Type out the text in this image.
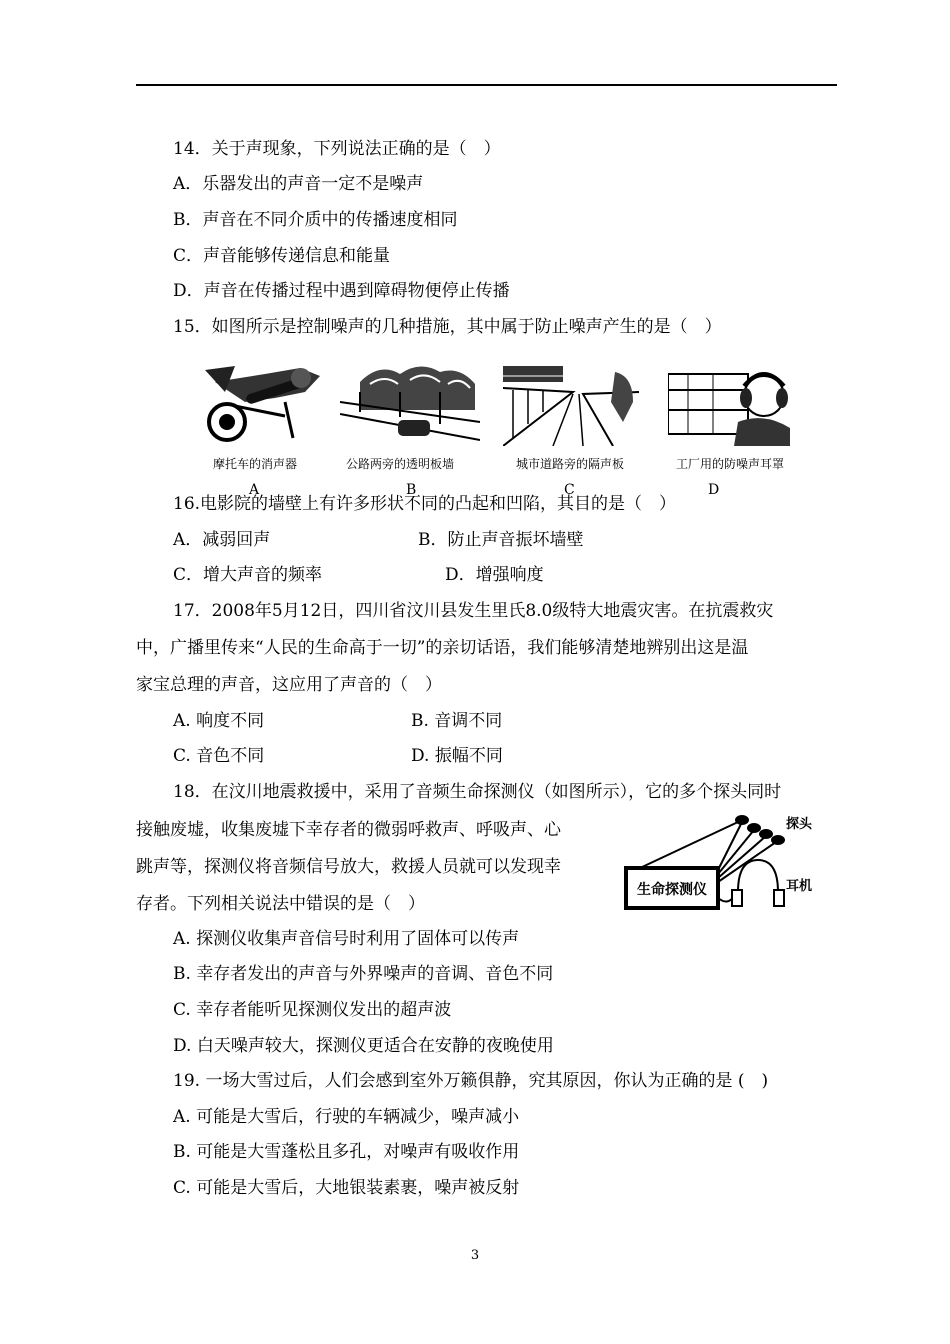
14．关于声现象，下列说法正确的是（　）
A．乐器发出的声音一定不是噪声
B．声音在不同介质中的传播速度相同
C．声音能够传递信息和能量
D．声音在传播过程中遇到障碍物便停止传播
15．如图所示是控制噪声的几种措施，其中属于防止噪声产生的是（　）
摩托车的消声器
A
公路两旁的透明板墙
B
城市道路旁的隔声板
C
工厂用的防噪声耳罩
D
16.电影院的墙壁上有许多形状不同的凸起和凹陷，其目的是（　）
A．减弱回声	B．防止声音振坏墙壁
C．增大声音的频率	D．增强响度
17．2008年5月12日，四川省汶川县发生里氏8.0级特大地震灾害。在抗震救灾
中，广播里传来“人民的生命高于一切”的亲切话语，我们能够清楚地辨别出这是温
家宝总理的声音，这应用了声音的（　）
A. 响度不同	B. 音调不同
C. 音色不同	D. 振幅不同
18．在汶川地震救援中，采用了音频生命探测仪（如图所示），它的多个探头同时
接触废墟，收集废墟下幸存者的微弱呼救声、呼吸声、心
跳声等，探测仪将音频信号放大，救援人员就可以发现幸
存者。下列相关说法中错误的是（　）
生命探测仪
探头
耳机
A. 探测仪收集声音信号时利用了固体可以传声
B. 幸存者发出的声音与外界噪声的音调、音色不同
C. 幸存者能听见探测仪发出的超声波
D. 白天噪声较大，探测仪更适合在安静的夜晚使用
19. 一场大雪过后，人们会感到室外万籁俱静，究其原因，你认为正确的是 (　)
A. 可能是大雪后，行驶的车辆减少，噪声减小
B. 可能是大雪蓬松且多孔，对噪声有吸收作用
C. 可能是大雪后，大地银装素裹，噪声被反射
3
